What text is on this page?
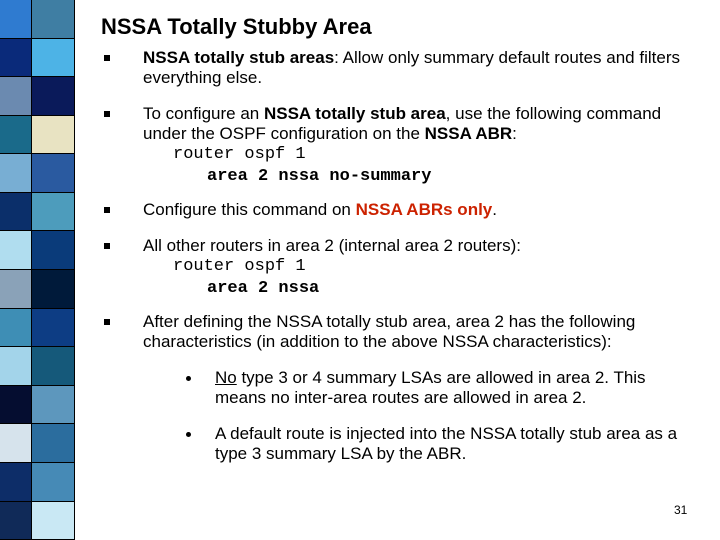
NSSA Totally Stubby Area
NSSA totally stub areas: Allow only summary default routes and filters everything else.
To configure an NSSA totally stub area, use the following command under the OSPF configuration on the NSSA ABR:
router ospf 1
area 2 nssa no-summary
Configure this command on NSSA ABRs only.
All other routers in area 2 (internal area 2 routers):
router ospf 1
area 2 nssa
After defining the NSSA totally stub area, area 2 has the following characteristics (in addition to the above NSSA characteristics):
No type 3 or 4 summary LSAs are allowed in area 2. This means no inter-area routes are allowed in area 2.
A default route is injected into the NSSA totally stub area as a type 3 summary LSA by the ABR.
31
